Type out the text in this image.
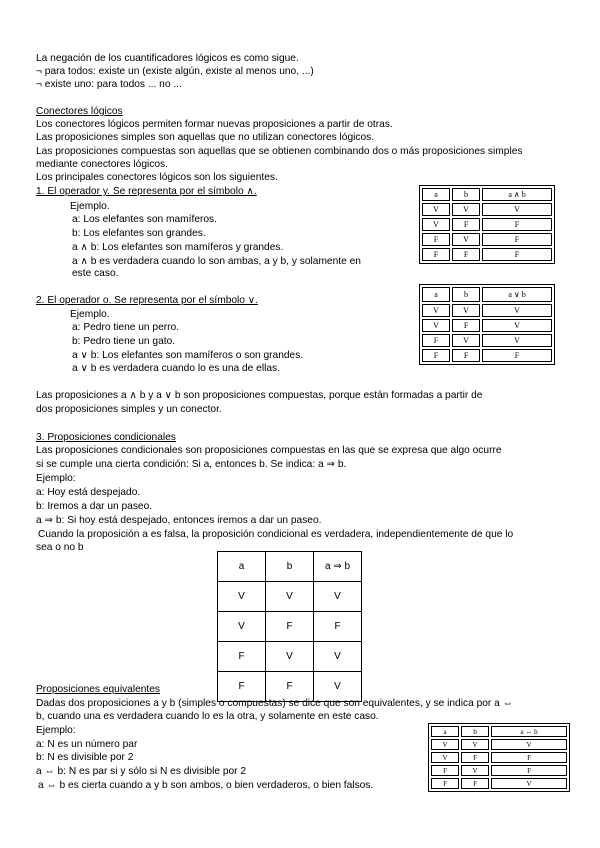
La negación de los cuantificadores lógicos es como sigue.
¬ para todos: existe un (existe algún, existe al menos uno, ...)
¬ existe uno: para todos ... no ...
Conectores lógicos
Los conectores lógicos permiten formar nuevas proposiciones a partir de otras.
Las proposiciones simples son aquellas que no utilizan conectores lógicos.
Las proposiciones compuestas son aquellas que se obtienen combinando dos o más proposiciones simples
mediante conectores lógicos.
Los principales conectores lógicos son los siguientes.
1. El operador y. Se representa por el símbolo ∧.
Ejemplo.
a: Los elefantes son mamíferos.
b: Los elefantes son grandes.
a ∧ b: Los elefantes son mamíferos y grandes.
a ∧ b es verdadera cuando lo son ambas, a y b, y solamente en
este caso.
a	b	a ∧ b
V	V	V
V	F	F
F	V	F
F	F	F
2. El operador o. Se representa por el símbolo ∨.
Ejemplo.
a: Pedro tiene un perro.
b: Pedro tiene un gato.
a ∨ b: Los elefantes son mamíferos o son grandes.
a ∨ b es verdadera cuando lo es una de ellas.
a	b	a ∨ b
V	V	V
V	F	V
F	V	V
F	F	F
Las proposiciones a ∧ b y a ∨ b son proposiciones compuestas, porque están formadas a partir de
dos proposiciones simples y un conector.
3. Proposiciones condicionales
Las proposiciones condicionales son proposiciones compuestas en las que se expresa que algo ocurre
si se cumple una cierta condición: Si a, entonces b. Se indica: a ⇒ b.
Ejemplo:
a: Hoy está despejado.
b: Iremos a dar un paseo.
a ⇒ b: Si hoy está despejado, entonces iremos a dar un paseo.
Cuando la proposición a es falsa, la proposición condicional es verdadera, independientemente de que lo
sea o no b
a	b	a ⇒ b
V	V	V
V	F	F
F	V	V
F	F	V
Proposiciones equivalentes
Dadas dos proposiciones a y b (simples o compuestas) se dice que son equivalentes, y se indica por a ⇔
b, cuando una es verdadera cuando lo es la otra, y solamente en este caso.
Ejemplo:
a: N es un número par
b: N es divisible por 2
a ⇔ b: N es par si y sólo si N es divisible por 2
a ⇔ b es cierta cuando a y b son ambos, o bien verdaderos, o bien falsos.
a	b	a ⇔ b
V	V	V
V	F	F
F	V	F
F	F	V
